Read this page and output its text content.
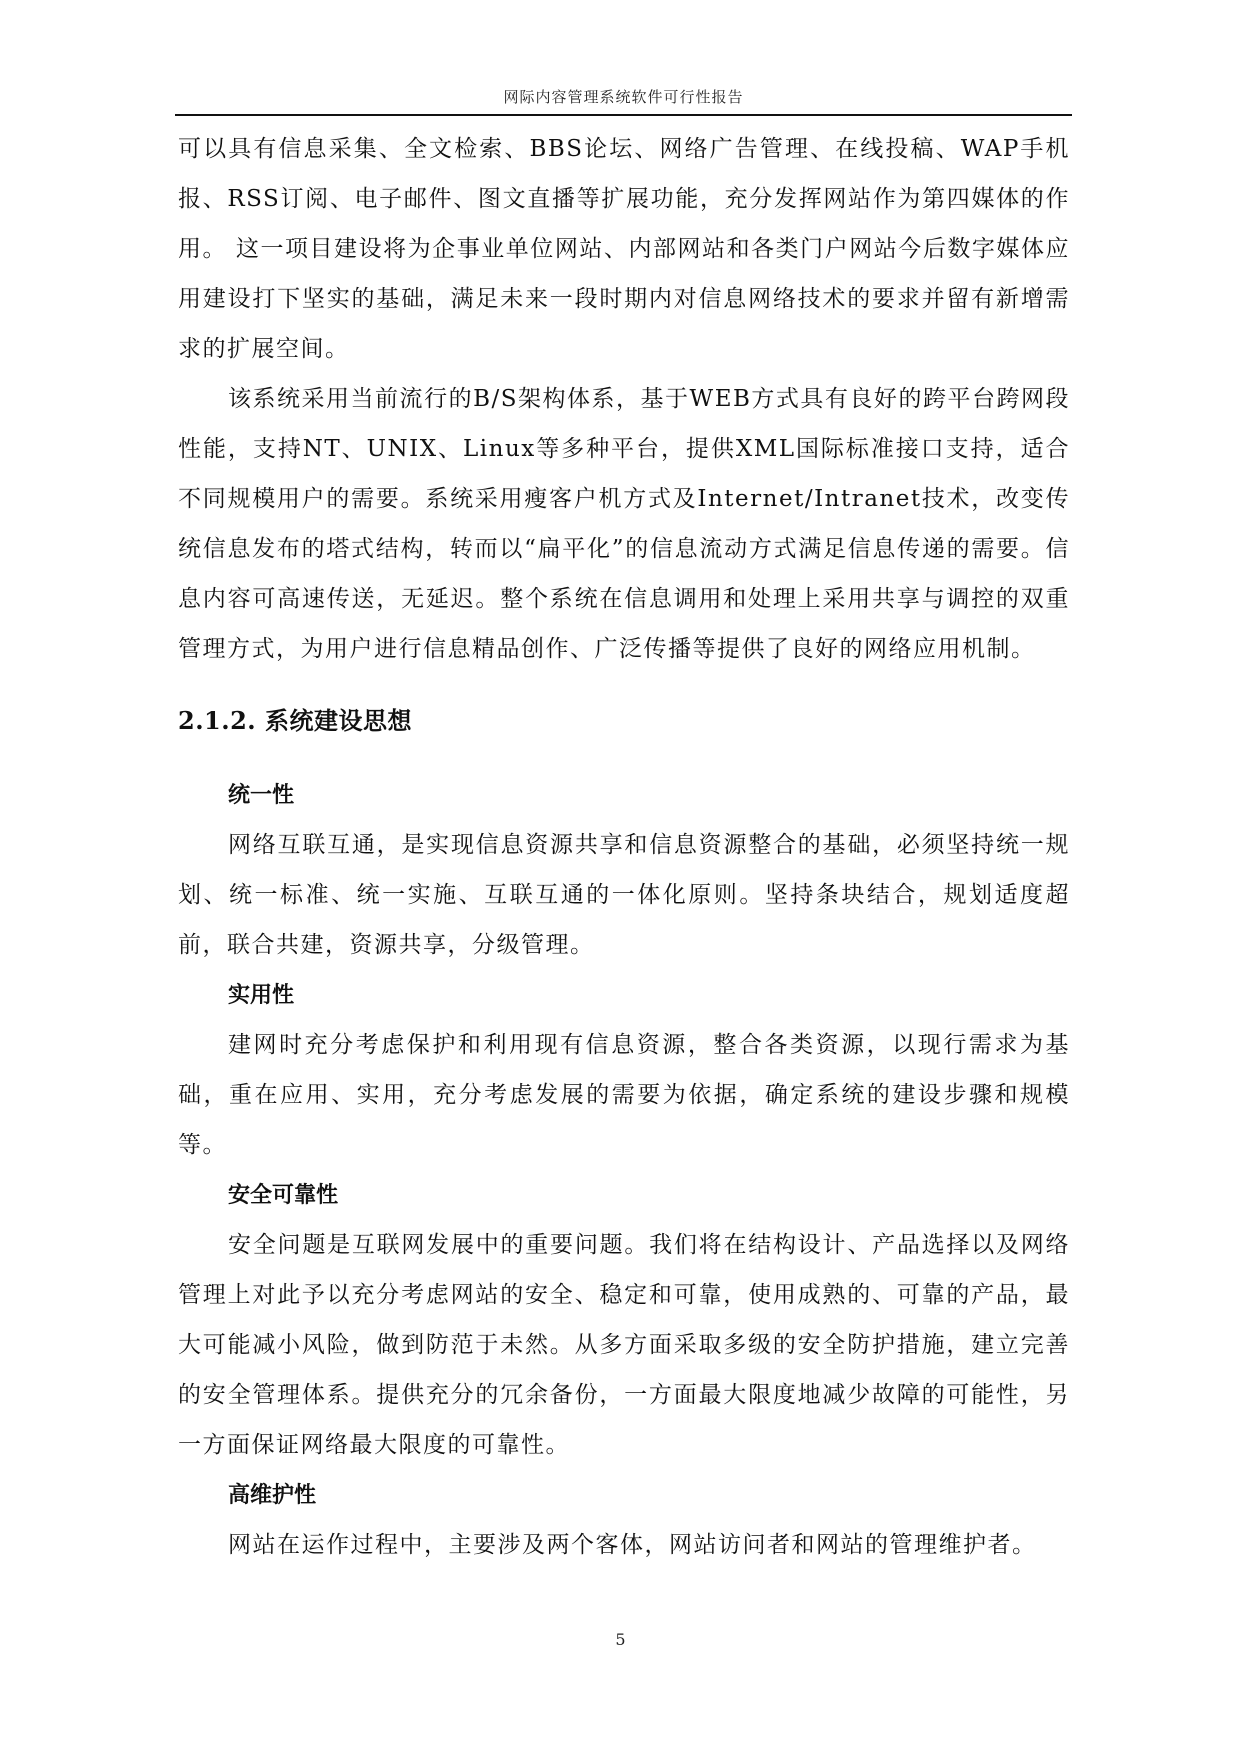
网际内容管理系统软件可行性报告

可以具有信息采集、全文检索、BBS论坛、网络广告管理、在线投稿、WAP手机报、RSS订阅、电子邮件、图文直播等扩展功能，充分发挥网站作为第四媒体的作用。 这一项目建设将为企事业单位网站、内部网站和各类门户网站今后数字媒体应用建设打下坚实的基础，满足未来一段时期内对信息网络技术的要求并留有新增需求的扩展空间。

该系统采用当前流行的B/S架构体系，基于WEB方式具有良好的跨平台跨网段性能，支持NT、UNIX、Linux等多种平台，提供XML国际标准接口支持，适合不同规模用户的需要。系统采用瘦客户机方式及Internet/Intranet技术，改变传统信息发布的塔式结构，转而以“扁平化”的信息流动方式满足信息传递的需要。信息内容可高速传送，无延迟。整个系统在信息调用和处理上采用共享与调控的双重管理方式，为用户进行信息精品创作、广泛传播等提供了良好的网络应用机制。

2.1.2. 系统建设思想
统一性

网络互联互通，是实现信息资源共享和信息资源整合的基础，必须坚持统一规划、统一标准、统一实施、互联互通的一体化原则。坚持条块结合，规划适度超前，联合共建，资源共享，分级管理。

实用性

建网时充分考虑保护和利用现有信息资源，整合各类资源，以现行需求为基础，重在应用、实用，充分考虑发展的需要为依据，确定系统的建设步骤和规模等。

安全可靠性

安全问题是互联网发展中的重要问题。我们将在结构设计、产品选择以及网络管理上对此予以充分考虑网站的安全、稳定和可靠，使用成熟的、可靠的产品，最大可能减小风险，做到防范于未然。从多方面采取多级的安全防护措施，建立完善的安全管理体系。提供充分的冗余备份，一方面最大限度地减少故障的可能性，另一方面保证网络最大限度的可靠性。

高维护性

网站在运作过程中，主要涉及两个客体，网站访问者和网站的管理维护者。

5
